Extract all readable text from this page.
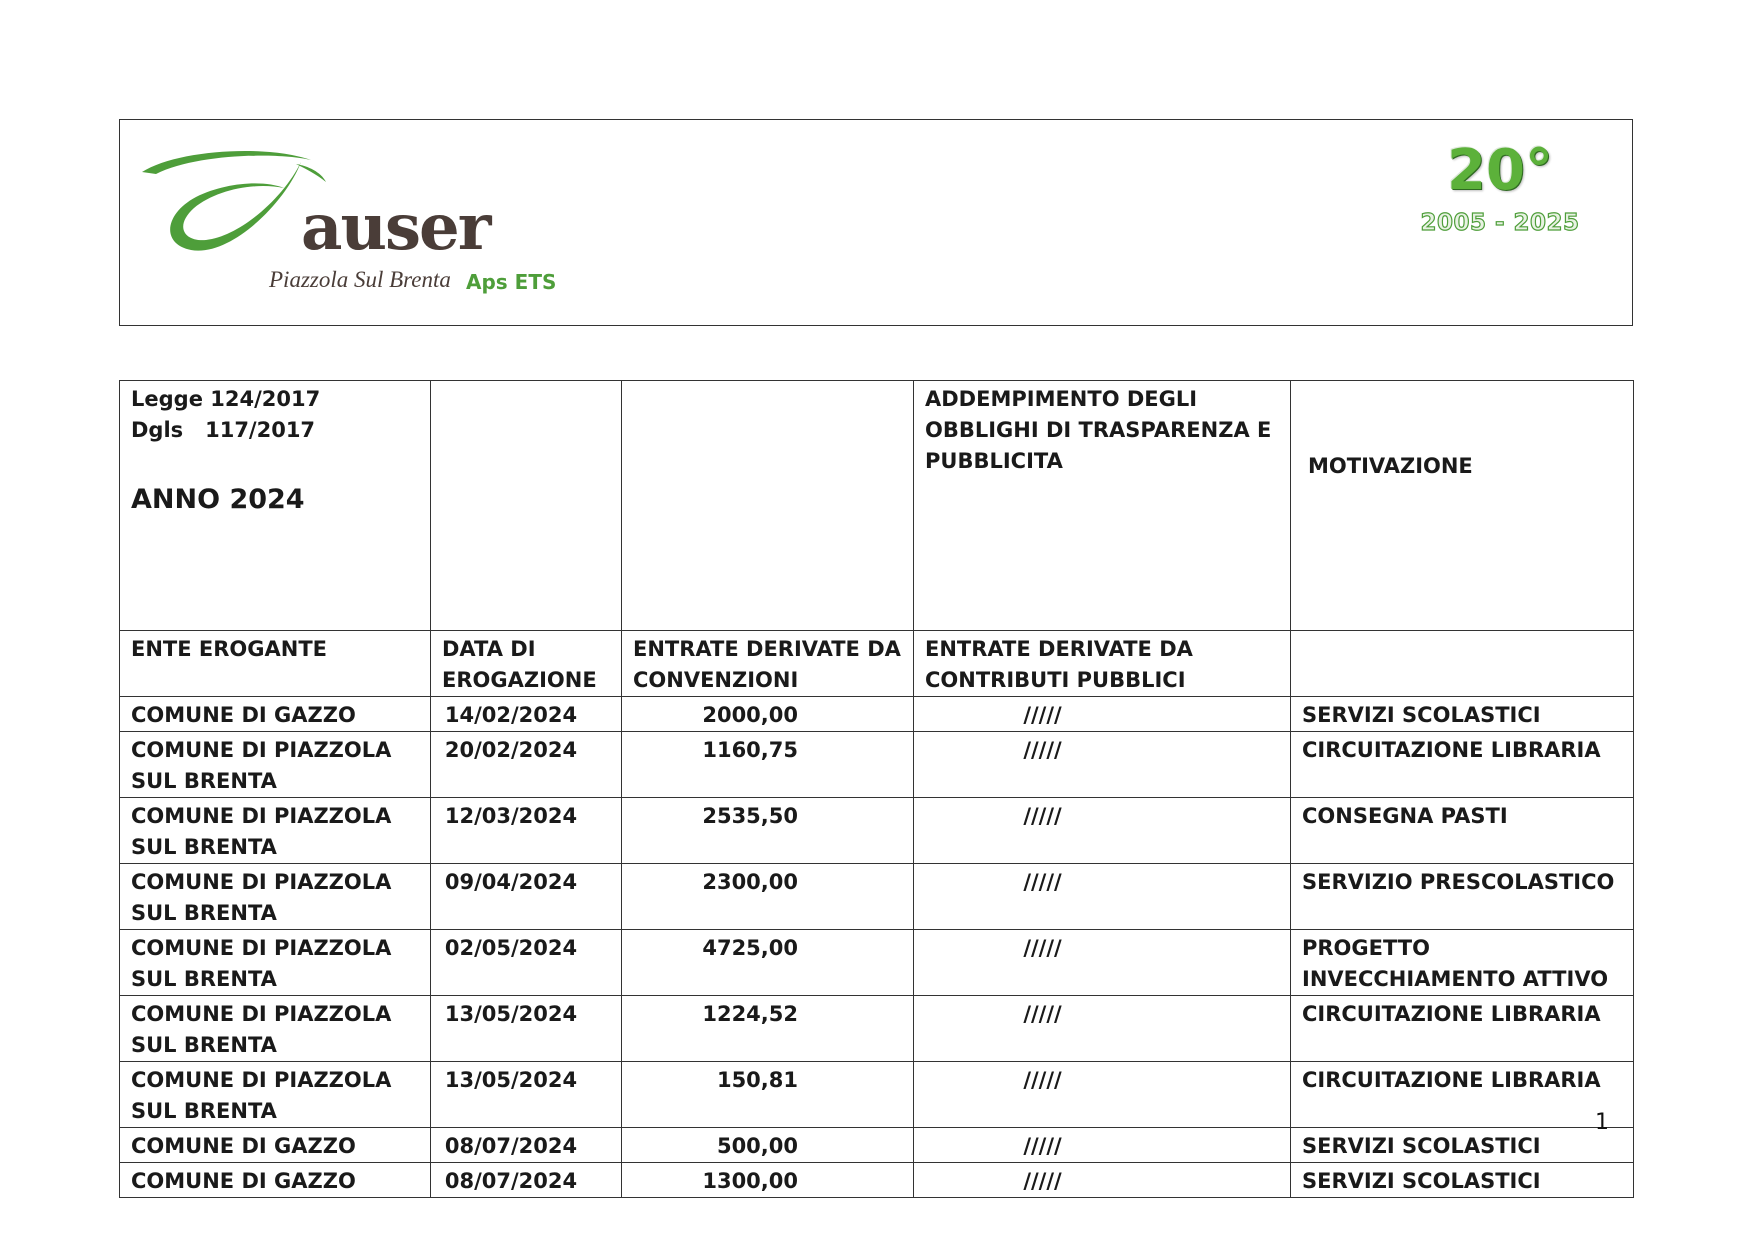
auser
Piazzola Sul Brenta Aps ETS
20°
2005 - 2025
Legge 124/2017
Dgls   117/2017
ANNO 2024			ADDEMPIMENTO DEGLI OBBLIGHI DI TRASPARENZA E PUBBLICITA	MOTIVAZIONE
ENTE EROGANTE	DATA DI EROGAZIONE	ENTRATE DERIVATE DA CONVENZIONI	ENTRATE DERIVATE DA CONTRIBUTI PUBBLICI	
COMUNE DI GAZZO	14/02/2024	2000,00	/////	SERVIZI SCOLASTICI
COMUNE DI PIAZZOLA SUL BRENTA	20/02/2024	1160,75	/////	CIRCUITAZIONE LIBRARIA
COMUNE DI PIAZZOLA SUL BRENTA	12/03/2024	2535,50	/////	CONSEGNA PASTI
COMUNE DI PIAZZOLA SUL BRENTA	09/04/2024	2300,00	/////	SERVIZIO PRESCOLASTICO
COMUNE DI PIAZZOLA SUL BRENTA	02/05/2024	4725,00	/////	PROGETTO INVECCHIAMENTO ATTIVO
COMUNE DI PIAZZOLA SUL BRENTA	13/05/2024	1224,52	/////	CIRCUITAZIONE LIBRARIA
COMUNE DI PIAZZOLA SUL BRENTA	13/05/2024	150,81	/////	CIRCUITAZIONE LIBRARIA
COMUNE DI GAZZO	08/07/2024	500,00	/////	SERVIZI SCOLASTICI
COMUNE DI GAZZO	08/07/2024	1300,00	/////	SERVIZI SCOLASTICI
1
